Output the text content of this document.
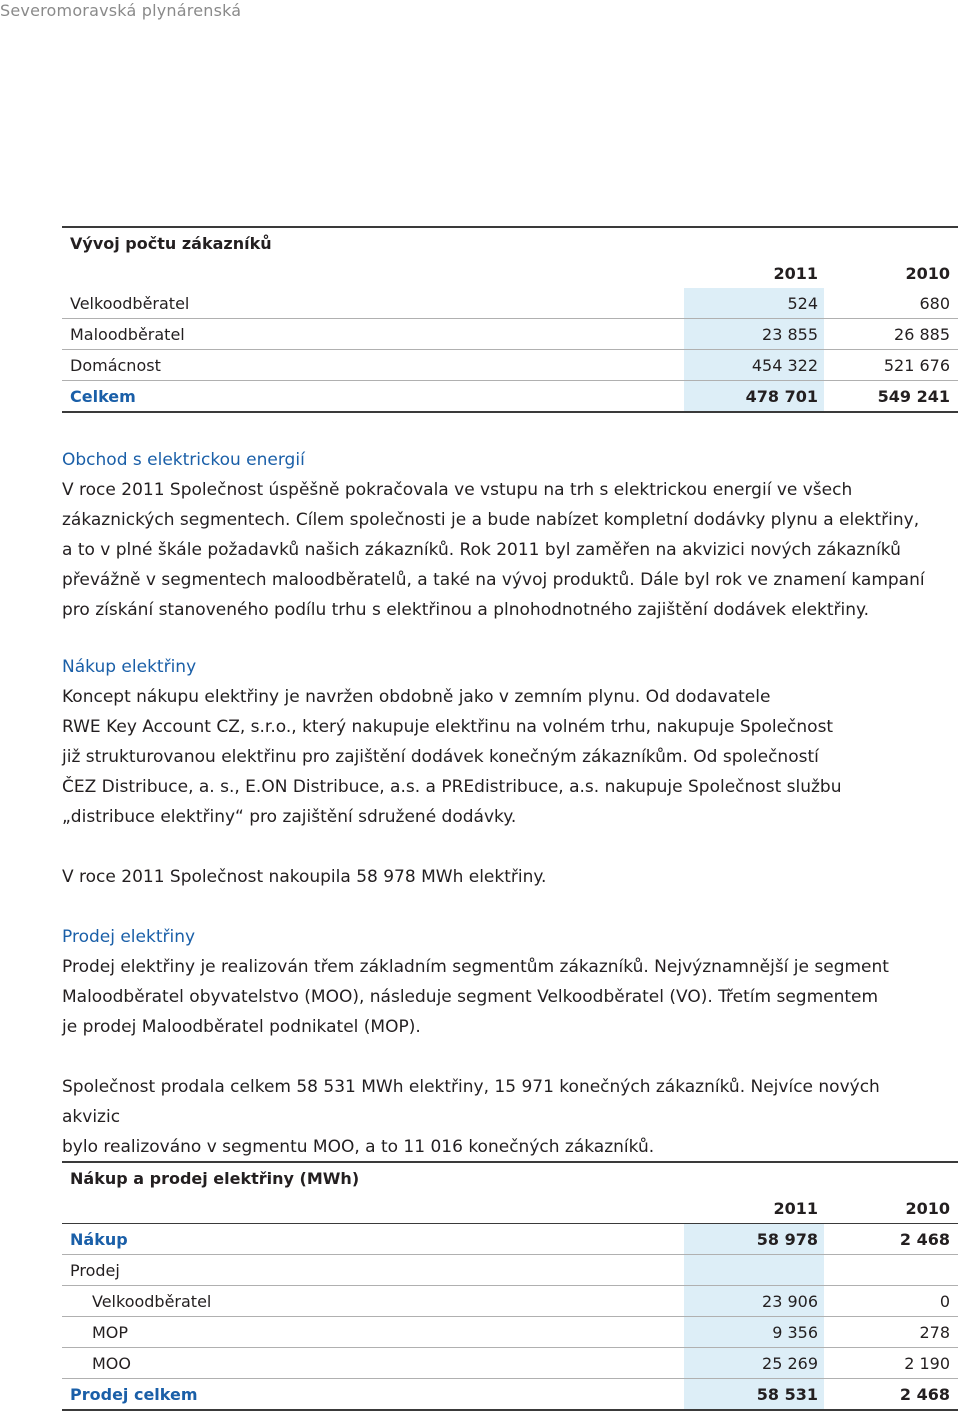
Severomoravská plynárenská
Vývoj počtu zákazníků
2011	2010
Velkoodběratel	524	680
Maloodběratel	23 855	26 885
Domácnost	454 322	521 676
Celkem	478 701	549 241
Obchod s elektrickou energií

V roce 2011 Společnost úspěšně pokračovala ve vstupu na trh s elektrickou energií ve všech

zákaznických segmentech. Cílem společnosti je a bude nabízet kompletní dodávky plynu a elektřiny,

a to v plné škále požadavků našich zákazníků. Rok 2011 byl zaměřen na akvizici nových zákazníků

převážně v segmentech maloodběratelů, a také na vývoj produktů. Dále byl rok ve znamení kampaní

pro získání stanoveného podílu trhu s elektřinou a plnohodnotného zajištění dodávek elektřiny.

Nákup elektřiny

Koncept nákupu elektřiny je navržen obdobně jako v zemním plynu. Od dodavatele

RWE Key Account CZ, s.r.o., který nakupuje elektřinu na volném trhu, nakupuje Společnost

již strukturovanou elektřinu pro zajištění dodávek konečným zákazníkům. Od společností

ČEZ Distribuce, a. s., E.ON Distribuce, a.s. a PREdistribuce, a.s. nakupuje Společnost službu

„distribuce elektřiny“ pro zajištění sdružené dodávky.

V roce 2011 Společnost nakoupila 58 978 MWh elektřiny.

Prodej elektřiny

Prodej elektřiny je realizován třem základním segmentům zákazníků. Nejvýznamnější je segment

Maloodběratel obyvatelstvo (MOO), následuje segment Velkoodběratel (VO). Třetím segmentem

je prodej Maloodběratel podnikatel (MOP).

Společnost prodala celkem 58 531 MWh elektřiny, 15 971 konečných zákazníků. Nejvíce nových akvizic

bylo realizováno v segmentu MOO, a to 11 016 konečných zákazníků.

Nákup a prodej elektřiny (MWh)
2011	2010
Nákup	58 978	2 468
Prodej
Velkoodběratel	23 906	0
MOP	9 356	278
MOO	25 269	2 190
Prodej celkem	58 531	2 468
